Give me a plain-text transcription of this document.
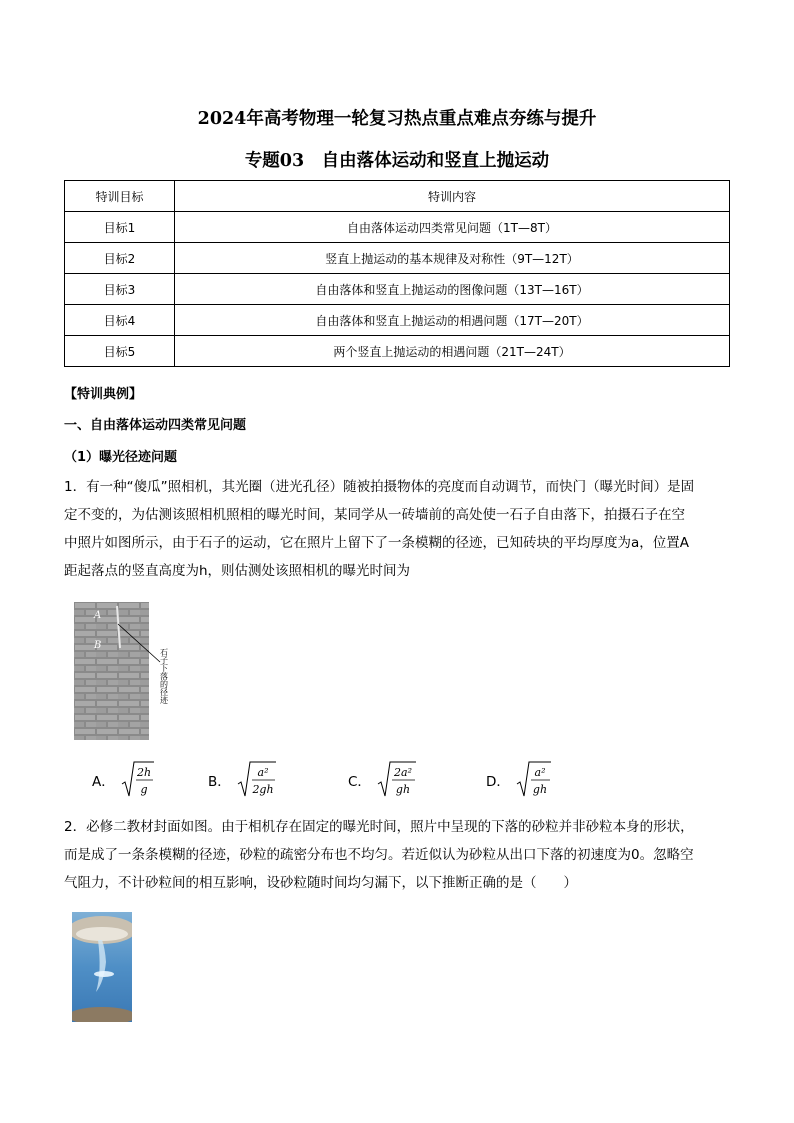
2024年高考物理一轮复习热点重点难点夯练与提升
专题03　自由落体运动和竖直上抛运动
特训目标	特训内容
目标1	自由落体运动四类常见问题（1T—8T）
目标2	竖直上抛运动的基本规律及对称性（9T—12T）
目标3	自由落体和竖直上抛运动的图像问题（13T—16T）
目标4	自由落体和竖直上抛运动的相遇问题（17T—20T）
目标5	两个竖直上抛运动的相遇问题（21T—24T）
【特训典例】
一、自由落体运动四类常见问题
（1）曝光径迹问题
1．有一种“傻瓜”照相机，其光圈（进光孔径）随被拍摄物体的亮度而自动调节，而快门（曝光时间）是固
定不变的，为估测该照相机照相的曝光时间，某同学从一砖墙前的高处使一石子自由落下，拍摄石子在空
中照片如图所示，由于石子的运动，它在照片上留下了一条模糊的径迹，已知砖块的平均厚度为a，位置A
距起落点的竖直高度为h，则估测处该照相机的曝光时间为
A
B
石子下落的径迹
A．
2h
g	B．
a²
2gh	C．
2a²
gh	D．
a²
gh
2．必修二教材封面如图。由于相机存在固定的曝光时间，照片中呈现的下落的砂粒并非砂粒本身的形状，
而是成了一条条模糊的径迹，砂粒的疏密分布也不均匀。若近似认为砂粒从出口下落的初速度为0。忽略空
气阻力，不计砂粒间的相互影响，设砂粒随时间均匀漏下，以下推断正确的是（　　）
